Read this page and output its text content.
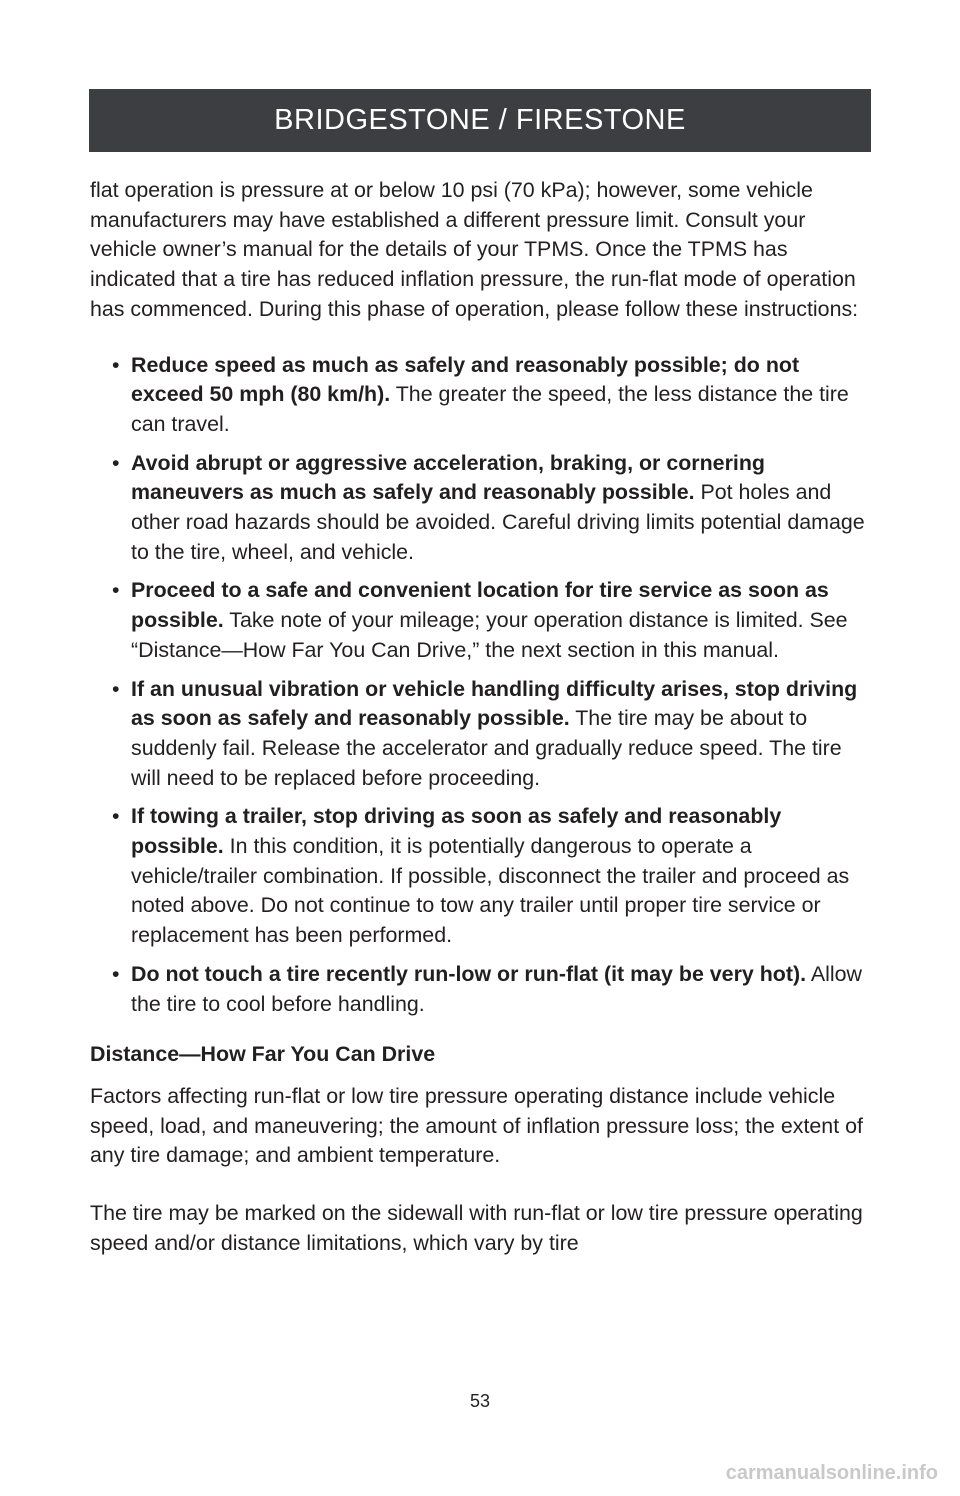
BRIDGESTONE / FIRESTONE

flat operation is pressure at or below 10 psi (70 kPa); however, some vehicle manufacturers may have established a different pressure limit. Consult your vehicle owner’s manual for the details of your TPMS. Once the TPMS has indicated that a tire has reduced inflation pressure, the run-flat mode of operation has commenced. During this phase of operation, please follow these instructions:

• Reduce speed as much as safely and reasonably possible; do not exceed 50 mph (80 km/h). The greater the speed, the less distance the tire can travel.
• Avoid abrupt or aggressive acceleration, braking, or cornering maneuvers as much as safely and reasonably possible. Pot holes and other road hazards should be avoided. Careful driving limits potential damage to the tire, wheel, and vehicle.
• Proceed to a safe and convenient location for tire service as soon as possible. Take note of your mileage; your operation distance is limited. See “Distance—How Far You Can Drive,” the next section in this manual.
• If an unusual vibration or vehicle handling difficulty arises, stop driving as soon as safely and reasonably possible. The tire may be about to suddenly fail. Release the accelerator and gradually reduce speed. The tire will need to be replaced before proceeding.
• If towing a trailer, stop driving as soon as safely and reasonably possible. In this condition, it is potentially dangerous to operate a vehicle/trailer combination. If possible, disconnect the trailer and proceed as noted above. Do not continue to tow any trailer until proper tire service or replacement has been performed.
• Do not touch a tire recently run-low or run-flat (it may be very hot). Allow the tire to cool before handling.

Distance—How Far You Can Drive

Factors affecting run-flat or low tire pressure operating distance include vehicle speed, load, and maneuvering; the amount of inflation pressure loss; the extent of any tire damage; and ambient temperature.

The tire may be marked on the sidewall with run-flat or low tire pressure operating speed and/or distance limitations, which vary by tire

53
carmanualsonline.info
